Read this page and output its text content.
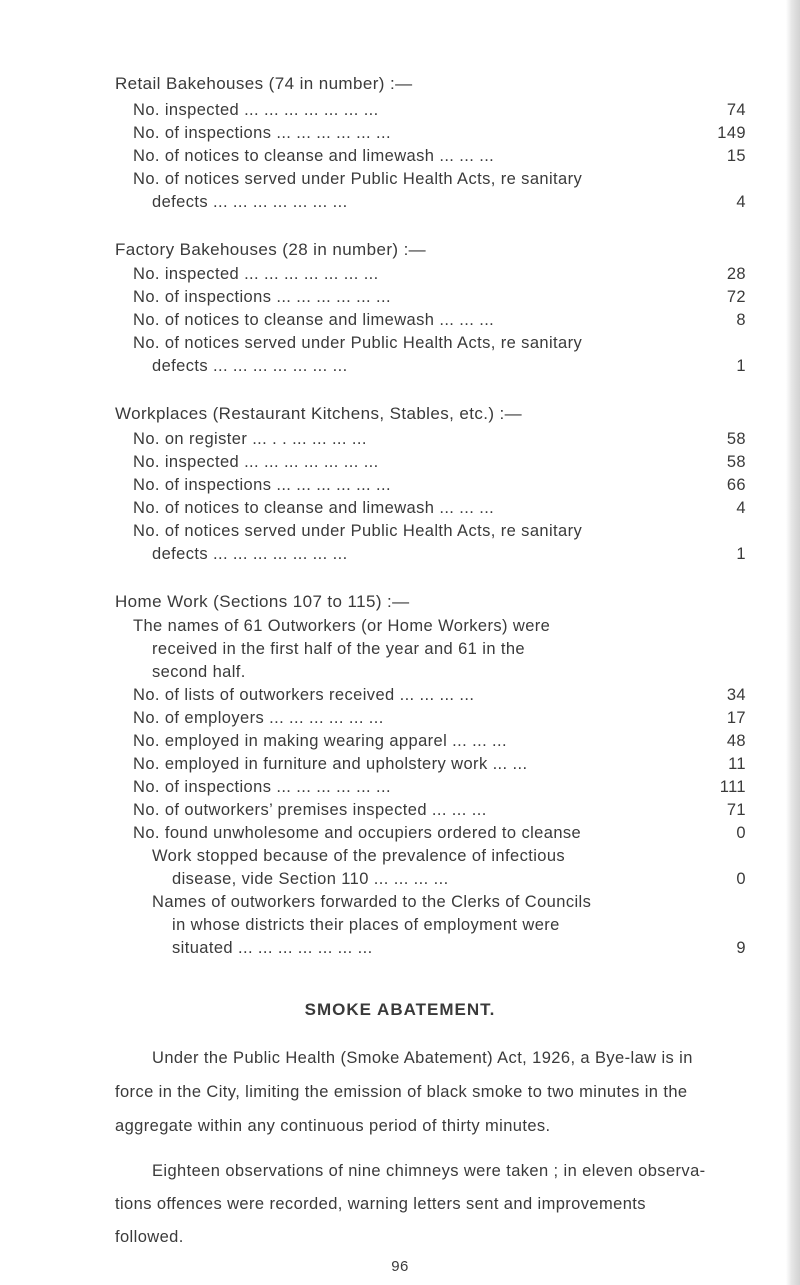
Retail Bakehouses (74 in number) :—
No. inspected ... ... ... ... ... ... ...	74
No. of inspections ... ... ... ... ... ...	149
No. of notices to cleanse and limewash ... ... ...	15
No. of notices served under Public Health Acts, re sanitary
defects ... ... ... ... ... ... ...	4
Factory Bakehouses (28 in number) :—
No. inspected ... ... ... ... ... ... ...	28
No. of inspections ... ... ... ... ... ...	72
No. of notices to cleanse and limewash ... ... ...	8
No. of notices served under Public Health Acts, re sanitary
defects ... ... ... ... ... ... ...	1
Workplaces (Restaurant Kitchens, Stables, etc.) :—
No. on register ... . . ... ... ... ...	58
No. inspected ... ... ... ... ... ... ...	58
No. of inspections ... ... ... ... ... ...	66
No. of notices to cleanse and limewash ... ... ...	4
No. of notices served under Public Health Acts, re sanitary
defects ... ... ... ... ... ... ...	1
Home Work (Sections 107 to 115) :—
The names of 61 Outworkers (or Home Workers) were
received in the first half of the year and 61 in the
second half.
No. of lists of outworkers received ... ... ... ...	34
No. of employers ... ... ... ... ... ...	17
No. employed in making wearing apparel ... ... ...	48
No. employed in furniture and upholstery work ... ...	11
No. of inspections ... ... ... ... ... ...	111
No. of outworkers’ premises inspected ... ... ...	71
No. found unwholesome and occupiers ordered to cleanse	0
Work stopped because of the prevalence of infectious
disease, vide Section 110 ... ... ... ...	0
Names of outworkers forwarded to the Clerks of Councils
in whose districts their places of employment were
situated ... ... ... ... ... ... ...	9
SMOKE ABATEMENT.
Under the Public Health (Smoke Abatement) Act, 1926, a Bye-law is in
force in the City, limiting the emission of black smoke to two minutes in the
aggregate within any continuous period of thirty minutes.
Eighteen observations of nine chimneys were taken ; in eleven observa-
tions offences were recorded, warning letters sent and improvements
followed.
96
